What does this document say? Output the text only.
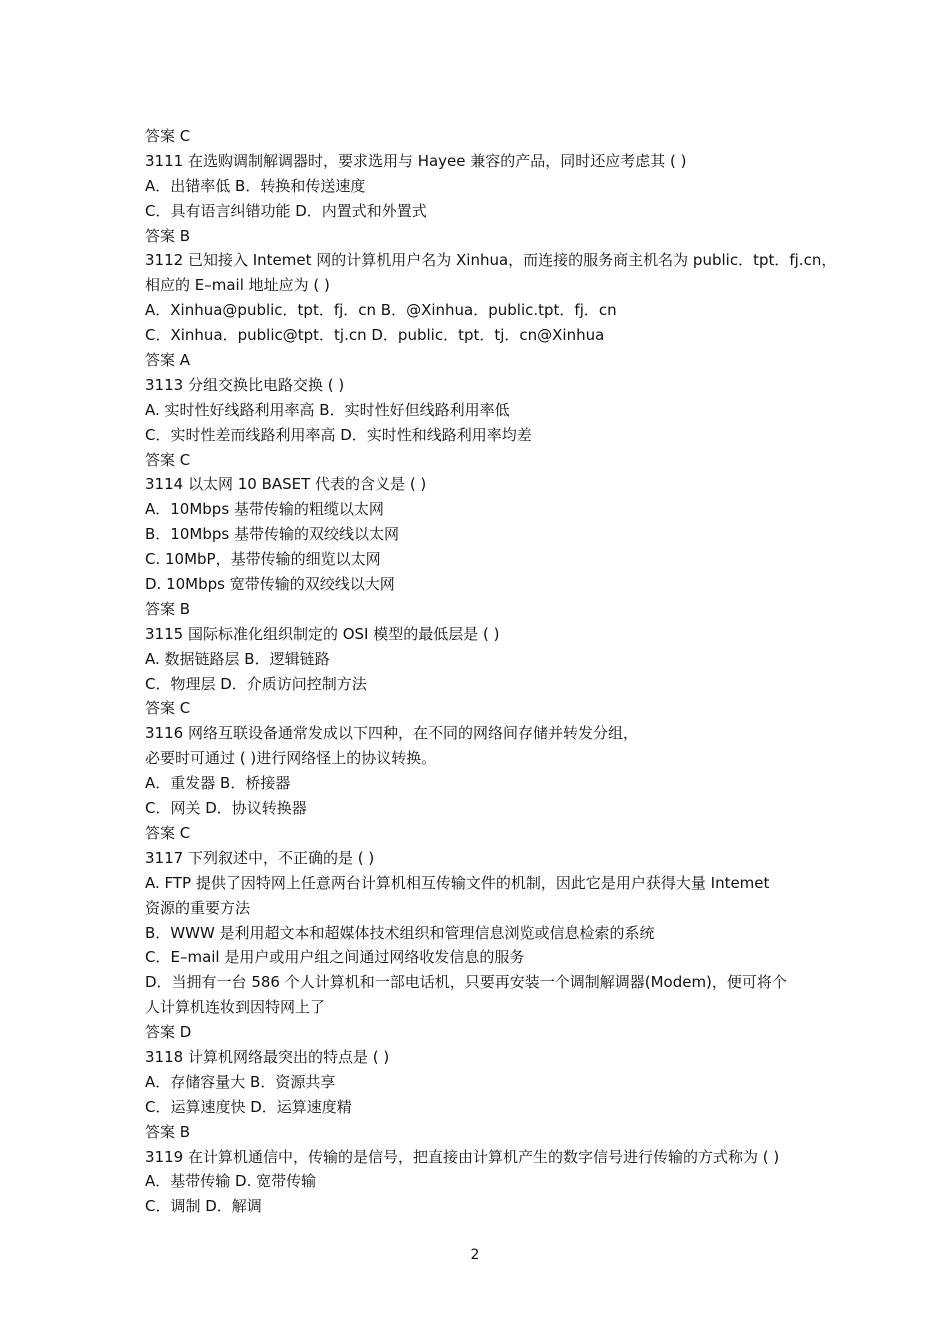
答案 C
3111 在选购调制解调器时，要求选用与 Hayee 兼容的产品，同时还应考虑其 ( )
A．出错率低 B．转换和传送速度
C．具有语言纠错功能 D．内置式和外置式
答案 B
3112 已知接入 Intemet 网的计算机用户名为 Xinhua，而连接的服务商主机名为 public．tpt．fj.cn，
相应的 E–mail 地址应为 ( )
A．Xinhua@public．tpt．fj．cn B．@Xinhua．public.tpt．fj．cn
C．Xinhua．public@tpt．tj.cn D．public．tpt．tj．cn@Xinhua
答案 A
3113 分组交换比电路交换 ( )
A. 实时性好线路利用率高 B．实时性好但线路利用率低
C．实时性差而线路利用率高 D．实时性和线路利用率均差
答案 C
3114 以太网 10 BASET 代表的含义是 ( )
A．10Mbps 基带传输的粗缆以太网
B．10Mbps 基带传输的双绞线以太网
C. 10MbP，基带传输的细览以太网
D. 10Mbps 宽带传输的双绞线以大网
答案 B
3115 国际标准化组织制定的 OSI 模型的最低层是 ( )
A. 数据链路层 B．逻辑链路
C．物理层 D．介质访问控制方法
答案 C
3116 网络互联设备通常发成以下四种，在不同的网络间存储并转发分组，
必要时可通过 ( )进行网络怪上的协议转换。
A．重发器 B．桥接器
C．网关 D．协议转换器
答案 C
3117 下列叙述中，不正确的是 ( )
A. FTP 提供了因特网上任意两台计算机相互传输文件的机制，因此它是用户获得大量 Intemet
资源的重要方法
B．WWW 是利用超文本和超媒体技术组织和管理信息浏览或信息检索的系统
C．E–mail 是用户或用户组之间通过网络收发信息的服务
D．当拥有一台 586 个人计算机和一部电话机，只要再安装一个调制解调器(Modem)，便可将个
人计算机连妆到因特网上了
答案 D
3118 计算机网络最突出的特点是 ( )
A．存储容量大 B．资源共享
C．运算速度快 D．运算速度精
答案 B
3119 在计算机通信中，传输的是信号，把直接由计算机产生的数字信号进行传输的方式称为 ( )
A．基带传输 D. 宽带传输
C．调制 D．解调
2
